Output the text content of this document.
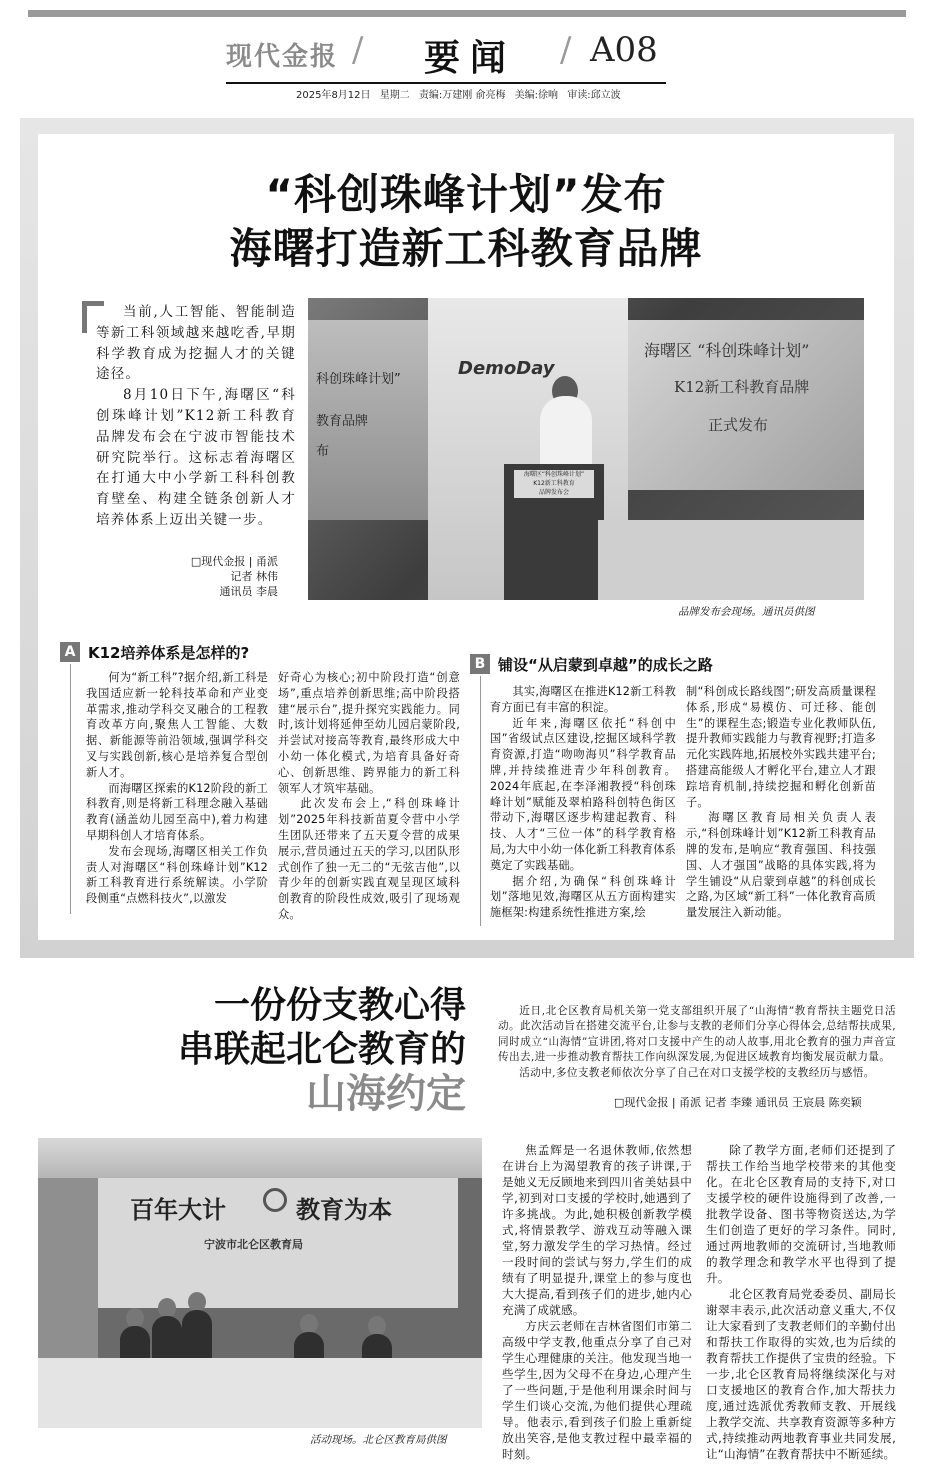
现代金报 / 要闻 / A08
2025年8月12日 星期二 责编:万建刚 俞亮梅 美编:徐响 审读:邱立波
“科创珠峰计划”发布
海曙打造新工科教育品牌

当前,人工智能、智能制造等新工科领域越来越吃香,早期科学教育成为挖掘人才的关键途径。

8月10日下午,海曙区“科创珠峰计划”K12新工科教育品牌发布会在宁波市智能技术研究院举行。这标志着海曙区在打通大中小学新工科科创教育壁垒、构建全链条创新人才培养体系上迈出关键一步。

□现代金报 | 甬派
记者 林伟
通讯员 李晨
科创珠峰计划”
教育品牌
布
DemoDay
海曙区 “科创珠峰计划”
K12新工科教育品牌
正式发布
海曙区“科创珠峰计划”
K12新工科教育
品牌发布会
品牌发布会现场。通讯员供图
A K12培养体系是怎样的?

何为“新工科”?据介绍,新工科是我国适应新一轮科技革命和产业变革需求,推动学科交叉融合的工程教育改革方向,聚焦人工智能、大数据、新能源等前沿领域,强调学科交叉与实践创新,核心是培养复合型创新人才。

而海曙区探索的K12阶段的新工科教育,则是将新工科理念融入基础教育(涵盖幼儿园至高中),着力构建早期科创人才培育体系。

发布会现场,海曙区相关工作负责人对海曙区“科创珠峰计划”K12新工科教育进行系统解读。小学阶段侧重“点燃科技火”,以激发

好奇心为核心;初中阶段打造“创意场”,重点培养创新思维;高中阶段搭建“展示台”,提升探究实践能力。同时,该计划将延伸至幼儿园启蒙阶段,并尝试对接高等教育,最终形成大中小幼一体化模式,为培育具备好奇心、创新思维、跨界能力的新工科领军人才筑牢基础。

此次发布会上,“科创珠峰计划”2025年科技新苗夏令营中小学生团队还带来了五天夏令营的成果展示,营员通过五天的学习,以团队形式创作了独一无二的“无弦吉他”,以青少年的创新实践直观呈现区域科创教育的阶段性成效,吸引了现场观众。

B 铺设“从启蒙到卓越”的成长之路

其实,海曙区在推进K12新工科教育方面已有丰富的积淀。

近年来,海曙区依托“科创中国”省级试点区建设,挖掘区域科学教育资源,打造“吻吻海贝”科学教育品牌,并持续推进青少年科创教育。2024年底起,在李泽湘教授“科创珠峰计划”赋能及翠柏路科创特色街区带动下,海曙区逐步构建起教育、科技、人才“三位一体”的科学教育格局,为大中小幼一体化新工科教育体系奠定了实践基础。

据介绍,为确保“科创珠峰计划”落地见效,海曙区从五方面构建实施框架:构建系统性推进方案,绘

制“科创成长路线图”;研发高质量课程体系,形成“易模仿、可迁移、能创生”的课程生态;锻造专业化教师队伍,提升教师实践能力与教育视野;打造多元化实践阵地,拓展校外实践共建平台;搭建高能级人才孵化平台,建立人才跟踪培育机制,持续挖掘和孵化创新苗子。

海曙区教育局相关负责人表示,“科创珠峰计划”K12新工科教育品牌的发布,是响应“教育强国、科技强国、人才强国”战略的具体实践,将为学生铺设“从启蒙到卓越”的科创成长之路,为区域“新工科”一体化教育高质量发展注入新动能。

一份份支教心得
串联起北仑教育的
山海约定

近日,北仑区教育局机关第一党支部组织开展了“山海情”教育帮扶主题党日活动。此次活动旨在搭建交流平台,让参与支教的老师们分享心得体会,总结帮扶成果,同时成立“山海情”宣讲团,将对口支援中产生的动人故事,用北仑教育的强力声音宣传出去,进一步推动教育帮扶工作向纵深发展,为促进区域教育均衡发展贡献力量。

活动中,多位支教老师依次分享了自己在对口支援学校的支教经历与感悟。

□现代金报 | 甬派 记者 李臻 通讯员 王宸晨 陈奕颖
百年大计	教育为本
宁波市北仑区教育局
活动现场。北仑区教育局供图

焦孟辉是一名退休教师,依然想在讲台上为渴望教育的孩子讲课,于是她义无反顾地来到四川省美姑县中学,初到对口支援的学校时,她遇到了许多挑战。为此,她积极创新教学模式,将情景教学、游戏互动等融入课堂,努力激发学生的学习热情。经过一段时间的尝试与努力,学生们的成绩有了明显提升,课堂上的参与度也大大提高,看到孩子们的进步,她内心充满了成就感。

方庆云老师在吉林省图们市第二高级中学支教,他重点分享了自己对学生心理健康的关注。他发现当地一些学生,因为父母不在身边,心理产生了一些问题,于是他利用课余时间与学生们谈心交流,为他们提供心理疏导。他表示,看到孩子们脸上重新绽放出笑容,是他支教过程中最幸福的时刻。

除了教学方面,老师们还提到了帮扶工作给当地学校带来的其他变化。在北仑区教育局的支持下,对口支援学校的硬件设施得到了改善,一批教学设备、图书等物资送达,为学生们创造了更好的学习条件。同时,通过两地教师的交流研讨,当地教师的教学理念和教学水平也得到了提升。

北仑区教育局党委委员、副局长谢翠丰表示,此次活动意义重大,不仅让大家看到了支教老师们的辛勤付出和帮扶工作取得的实效,也为后续的教育帮扶工作提供了宝贵的经验。下一步,北仑区教育局将继续深化与对口支援地区的教育合作,加大帮扶力度,通过选派优秀教师支教、开展线上教学交流、共享教育资源等多种方式,持续推动两地教育事业共同发展,让“山海情”在教育帮扶中不断延续。
